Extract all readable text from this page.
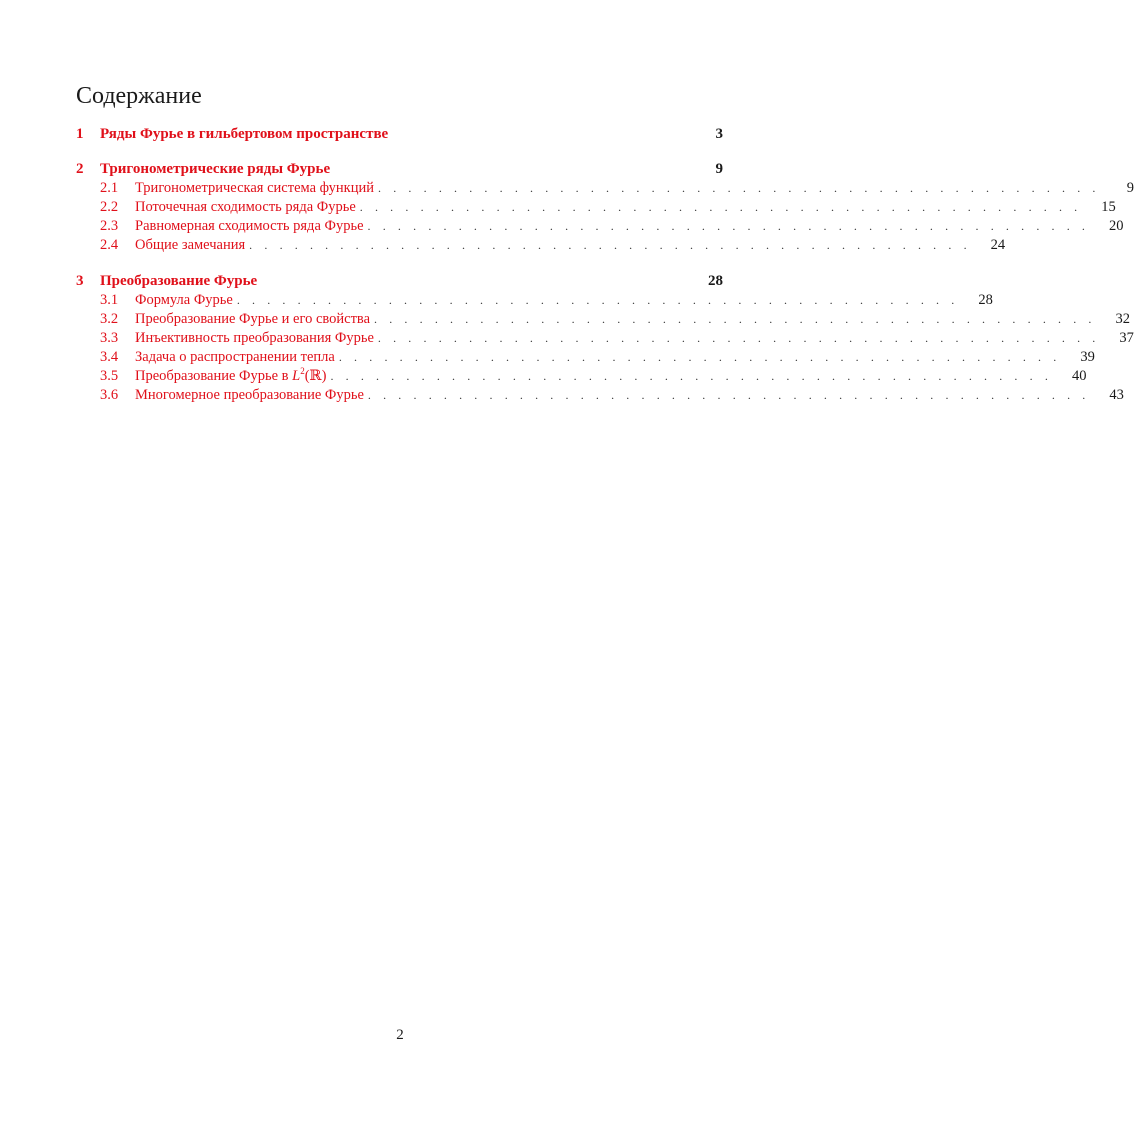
Содержание
1 Ряды Фурье в гильбертовом пространстве	3
2 Тригонометрические ряды Фурье	9
2.1	Тригонометрическая система функций . . . . . . . . . . . . . . . . . . . . . . . . . . . . . . . . . . . . . . . . . . . . . . . .	9
2.2	Поточечная сходимость ряда Фурье . . . . . . . . . . . . . . . . . . . . . . . . . . . . . . . . . . . . . . . . . . . . . . . .	15
2.3	Равномерная сходимость ряда Фурье . . . . . . . . . . . . . . . . . . . . . . . . . . . . . . . . . . . . . . . . . . . . . . . .	20
2.4	Общие замечания . . . . . . . . . . . . . . . . . . . . . . . . . . . . . . . . . . . . . . . . . . . . . . . .	24
3 Преобразование Фурье	28
3.1	Формула Фурье . . . . . . . . . . . . . . . . . . . . . . . . . . . . . . . . . . . . . . . . . . . . . . . .	28
3.2	Преобразование Фурье и его свойства . . . . . . . . . . . . . . . . . . . . . . . . . . . . . . . . . . . . . . . . . . . . . . . .	32
3.3	Инъективность преобразования Фурье . . . . . . . . . . . . . . . . . . . . . . . . . . . . . . . . . . . . . . . . . . . . . . . .	37
3.4	Задача о распространении тепла . . . . . . . . . . . . . . . . . . . . . . . . . . . . . . . . . . . . . . . . . . . . . . . .	39
3.5	Преобразование Фурье в $L^2(ℝ)$ . . . . . . . . . . . . . . . . . . . . . . . . . . . . . . . . . . . . . . . . . . . . . . . .	40
3.6	Многомерное преобразование Фурье . . . . . . . . . . . . . . . . . . . . . . . . . . . . . . . . . . . . . . . . . . . . . . . .	43
2
